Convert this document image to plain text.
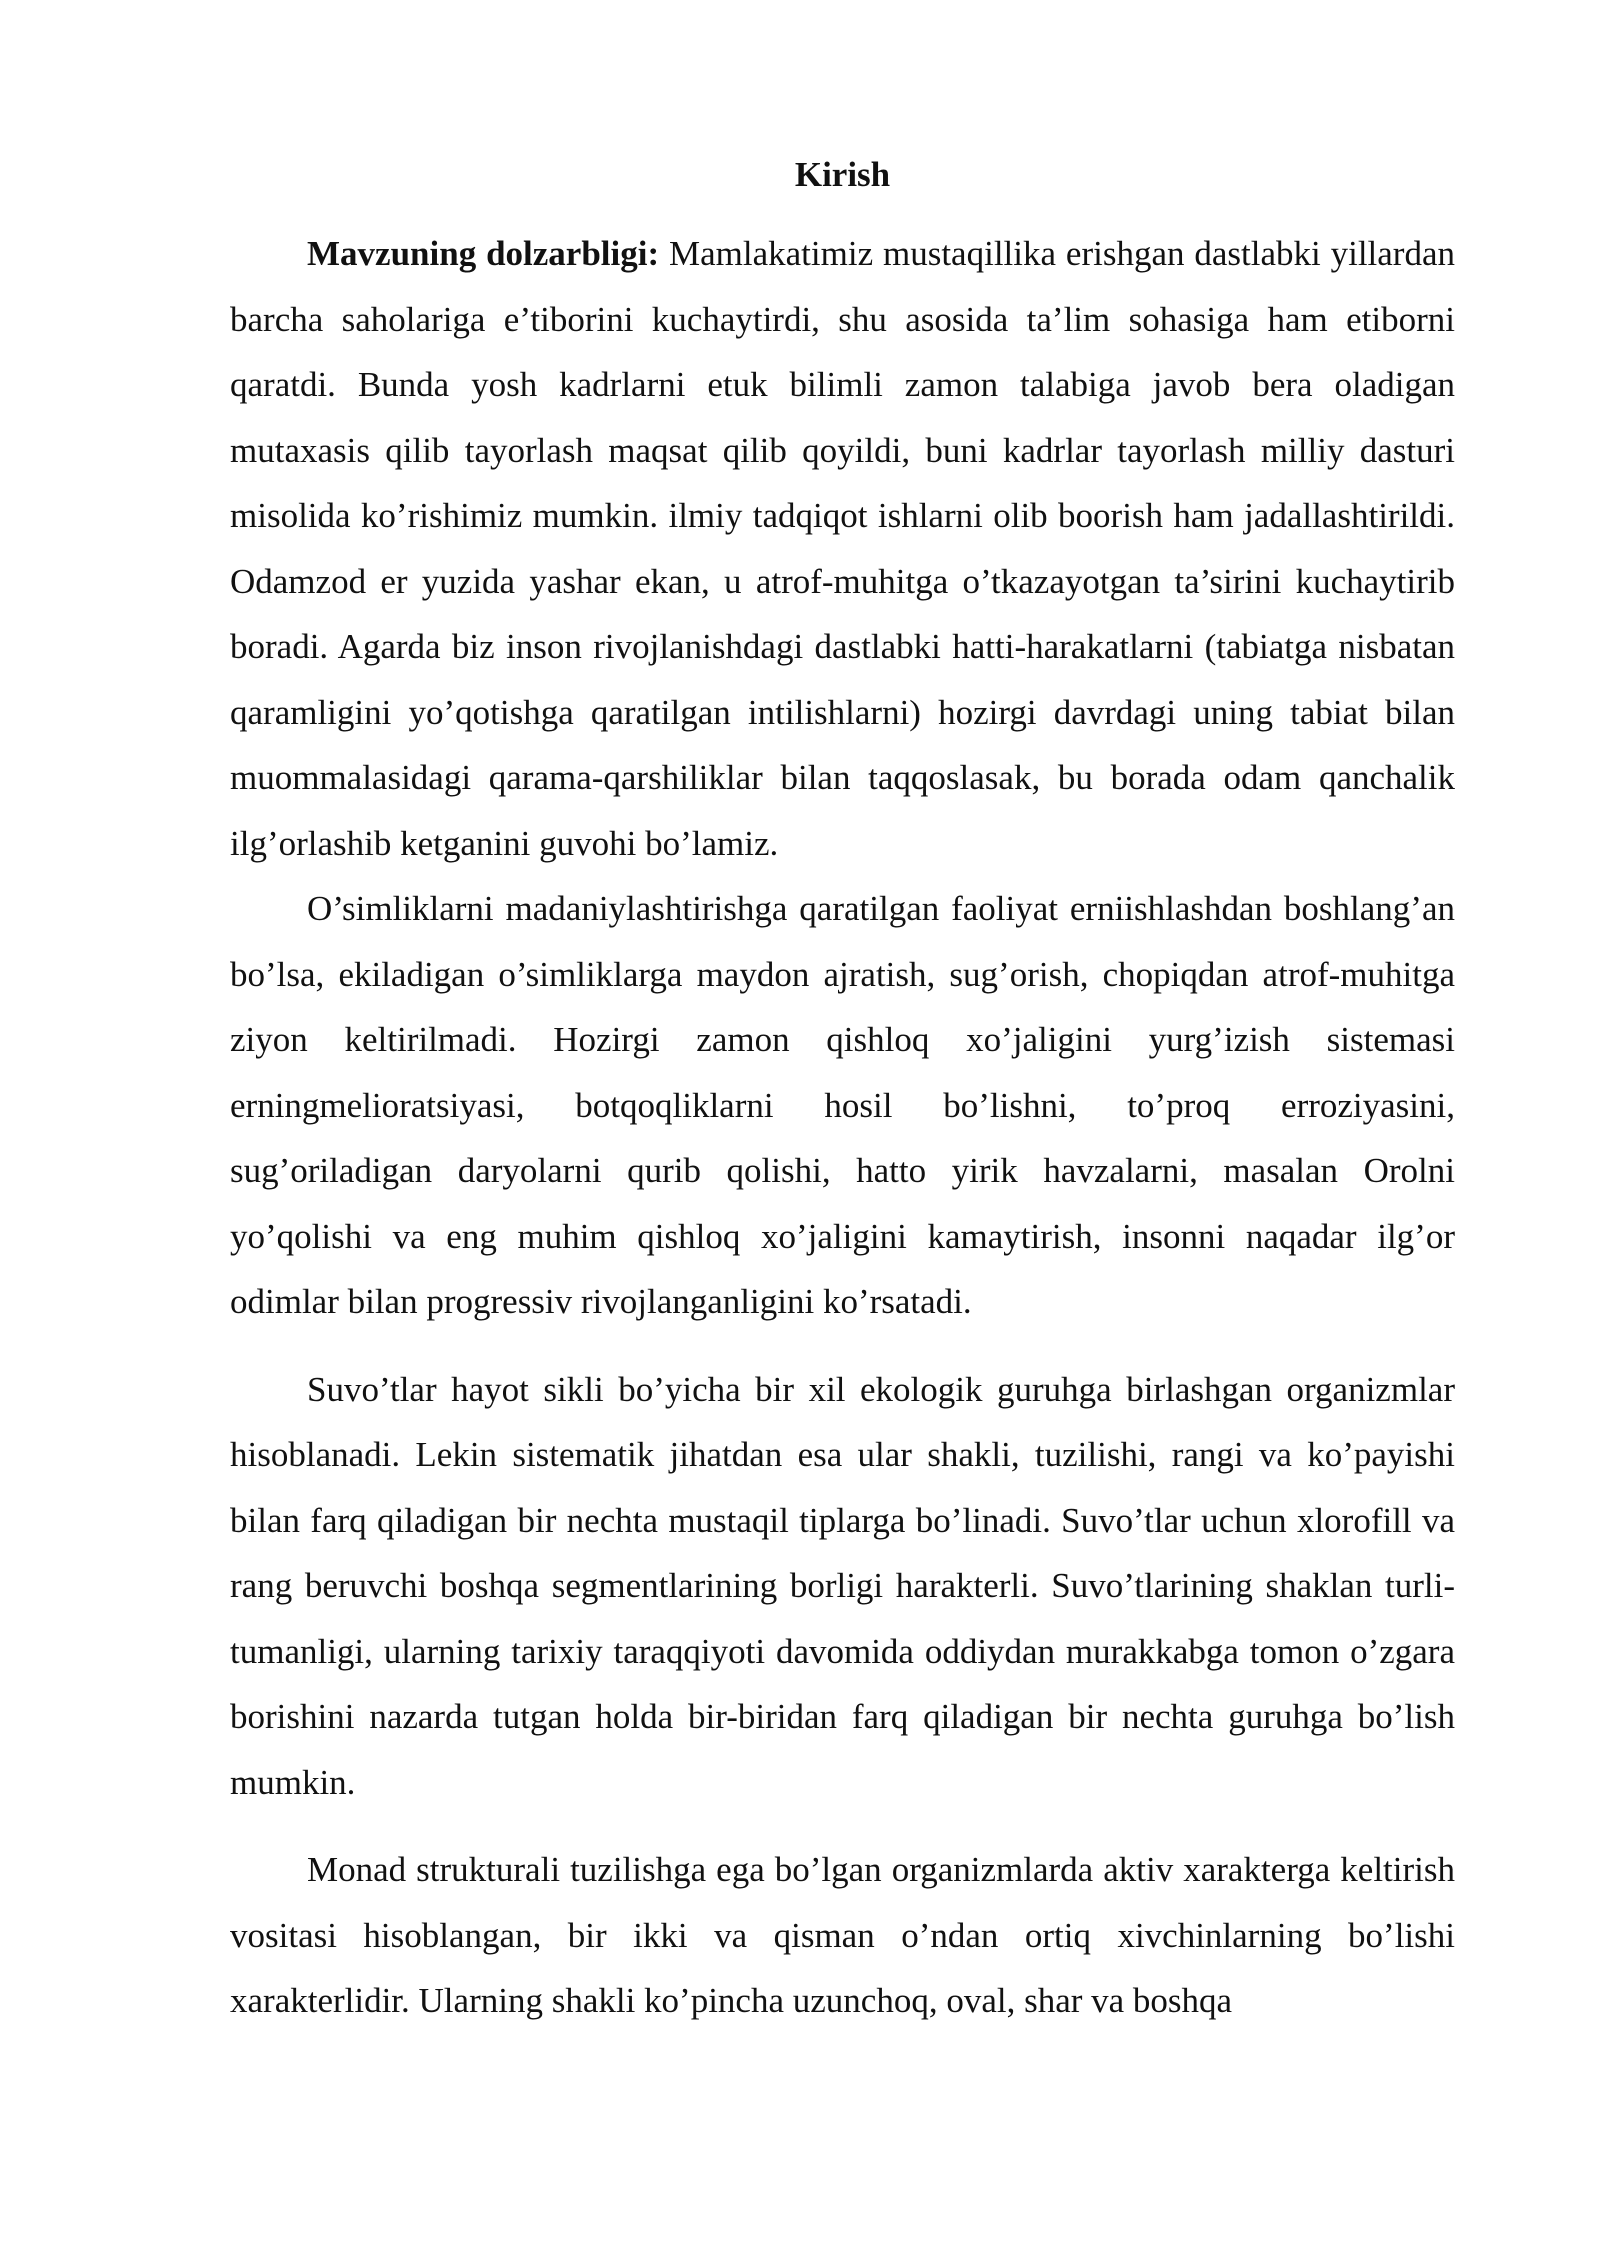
Kirish

Mavzuning dolzarbligi: Mamlakatimiz mustaqillika erishgan dastlabki yillardan barcha saholariga e’tiborini kuchaytirdi, shu asosida ta’lim sohasiga ham etiborni qaratdi. Bunda yosh kadrlarni etuk bilimli zamon talabiga javob bera oladigan mutaxasis qilib tayorlash maqsat qilib qoyildi, buni kadrlar tayorlash milliy dasturi misolida ko’rishimiz mumkin. ilmiy tadqiqot ishlarni olib boorish ham jadallashtirildi. Odamzod er yuzida yashar ekan, u atrof-muhitga o’tkazayotgan ta’sirini kuchaytirib boradi. Agarda biz inson rivojlanishdagi dastlabki hatti-harakatlarni (tabiatga nisbatan qaramligini yo’qotishga qaratilgan intilishlarni) hozirgi davrdagi uning tabiat bilan muommalasidagi qarama-qarshiliklar bilan taqqoslasak, bu borada odam qanchalik ilg’orlashib ketganini guvohi bo’lamiz.

O’simliklarni madaniylashtirishga qaratilgan faoliyat erniishlashdan boshlang’an bo’lsa, ekiladigan o’simliklarga maydon ajratish, sug’orish, chopiqdan atrof-muhitga ziyon keltirilmadi. Hozirgi zamon qishloq xo’jaligini yurg’izish sistemasi erningmelioratsiyasi, botqoqliklarni hosil bo’lishni, to’proq erroziyasini, sug’oriladigan daryolarni qurib qolishi, hatto yirik havzalarni, masalan Orolni yo’qolishi va eng muhim qishloq xo’jaligini kamaytirish, insonni naqadar ilg’or odimlar bilan progressiv rivojlanganligini ko’rsatadi.

Suvo’tlar hayot sikli bo’yicha bir xil ekologik guruhga birlashgan organizmlar hisoblanadi. Lekin sistematik jihatdan esa ular shakli, tuzilishi, rangi va ko’payishi bilan farq qiladigan bir nechta mustaqil tiplarga bo’linadi. Suvo’tlar uchun xlorofill va rang beruvchi boshqa segmentlarining borligi harakterli. Suvo’tlarining shaklan turli-tumanligi, ularning tarixiy taraqqiyoti davomida oddiydan murakkabga tomon o’zgara borishini nazarda tutgan holda bir-biridan farq qiladigan bir nechta guruhga bo’lish mumkin.

Monad strukturali tuzilishga ega bo’lgan organizmlarda aktiv xarakterga keltirish vositasi hisoblangan, bir ikki va qisman o’ndan ortiq xivchinlarning bo’lishi xarakterlidir. Ularning shakli ko’pincha uzunchoq, oval, shar va boshqa
